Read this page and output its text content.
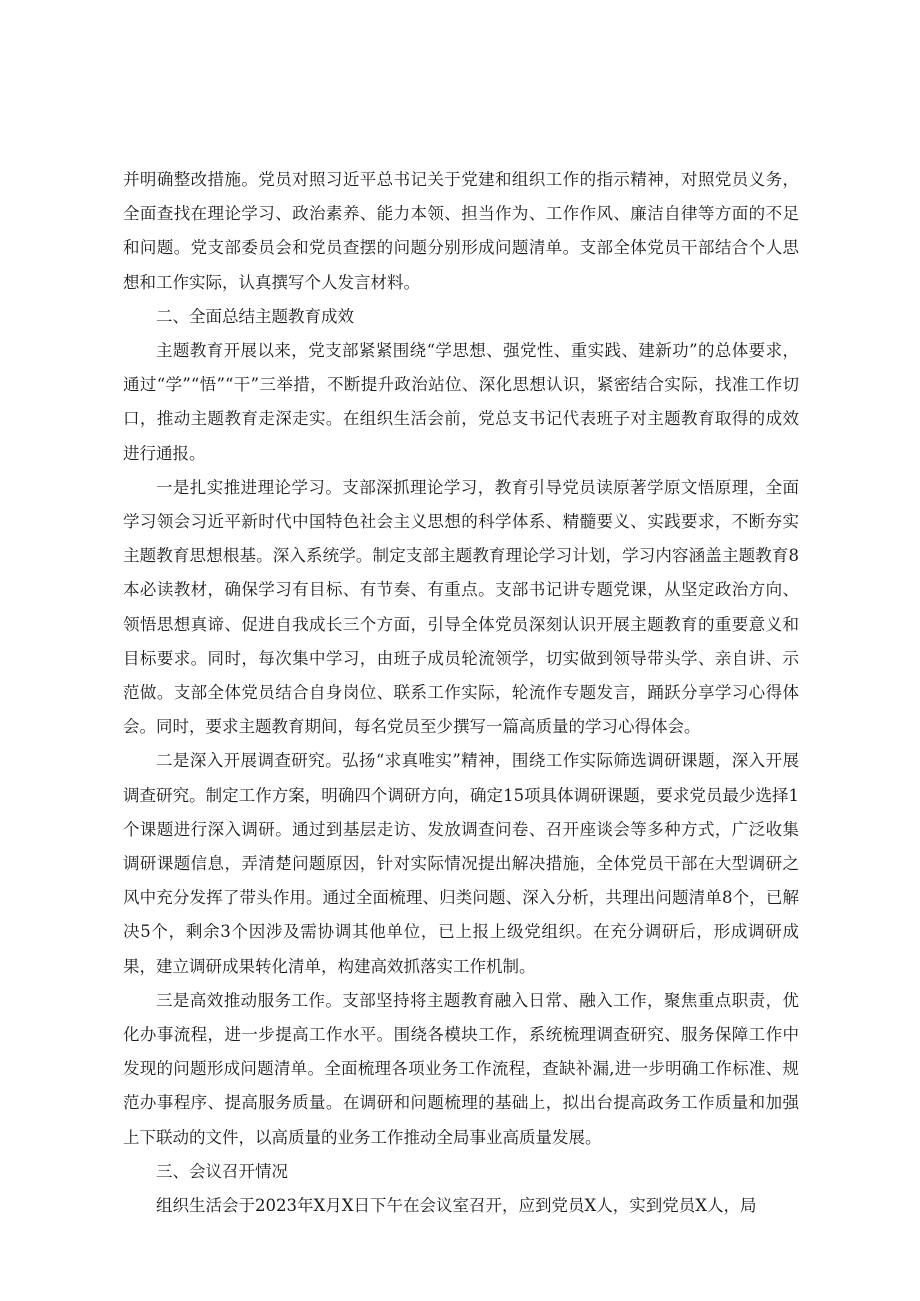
并明确整改措施。党员对照习近平总书记关于党建和组织工作的指示精神，对照党员义务，全面查找在理论学习、政治素养、能力本领、担当作为、工作作风、廉洁自律等方面的不足和问题。党支部委员会和党员查摆的问题分别形成问题清单。支部全体党员干部结合个人思想和工作实际，认真撰写个人发言材料。

二、全面总结主题教育成效

主题教育开展以来，党支部紧紧围绕“学思想、强党性、重实践、建新功”的总体要求，通过“学”“悟”“干”三举措，不断提升政治站位、深化思想认识，紧密结合实际，找准工作切口，推动主题教育走深走实。在组织生活会前，党总支书记代表班子对主题教育取得的成效进行通报。

一是扎实推进理论学习。支部深抓理论学习，教育引导党员读原著学原文悟原理，全面学习领会习近平新时代中国特色社会主义思想的科学体系、精髓要义、实践要求，不断夯实主题教育思想根基。深入系统学。制定支部主题教育理论学习计划，学习内容涵盖主题教育8本必读教材，确保学习有目标、有节奏、有重点。支部书记讲专题党课，从坚定政治方向、领悟思想真谛、促进自我成长三个方面，引导全体党员深刻认识开展主题教育的重要意义和目标要求。同时，每次集中学习，由班子成员轮流领学，切实做到领导带头学、亲自讲、示范做。支部全体党员结合自身岗位、联系工作实际，轮流作专题发言，踊跃分享学习心得体会。同时，要求主题教育期间，每名党员至少撰写一篇高质量的学习心得体会。

二是深入开展调查研究。弘扬“求真唯实”精神，围绕工作实际筛选调研课题，深入开展调查研究。制定工作方案，明确四个调研方向，确定15项具体调研课题，要求党员最少选择1个课题进行深入调研。通过到基层走访、发放调查问卷、召开座谈会等多种方式，广泛收集调研课题信息，弄清楚问题原因，针对实际情况提出解决措施，全体党员干部在大型调研之风中充分发挥了带头作用。通过全面梳理、归类问题、深入分析，共理出问题清单8个，已解决5个，剩余3个因涉及需协调其他单位，已上报上级党组织。在充分调研后，形成调研成果，建立调研成果转化清单，构建高效抓落实工作机制。

三是高效推动服务工作。支部坚持将主题教育融入日常、融入工作，聚焦重点职责，优化办事流程，进一步提高工作水平。围绕各模块工作，系统梳理调查研究、服务保障工作中发现的问题形成问题清单。全面梳理各项业务工作流程，查缺补漏,进一步明确工作标准、规范办事程序、提高服务质量。在调研和问题梳理的基础上，拟出台提高政务工作质量和加强上下联动的文件，以高质量的业务工作推动全局事业高质量发展。

三、会议召开情况

组织生活会于2023年X月X日下午在会议室召开，应到党员X人，实到党员X人，局
